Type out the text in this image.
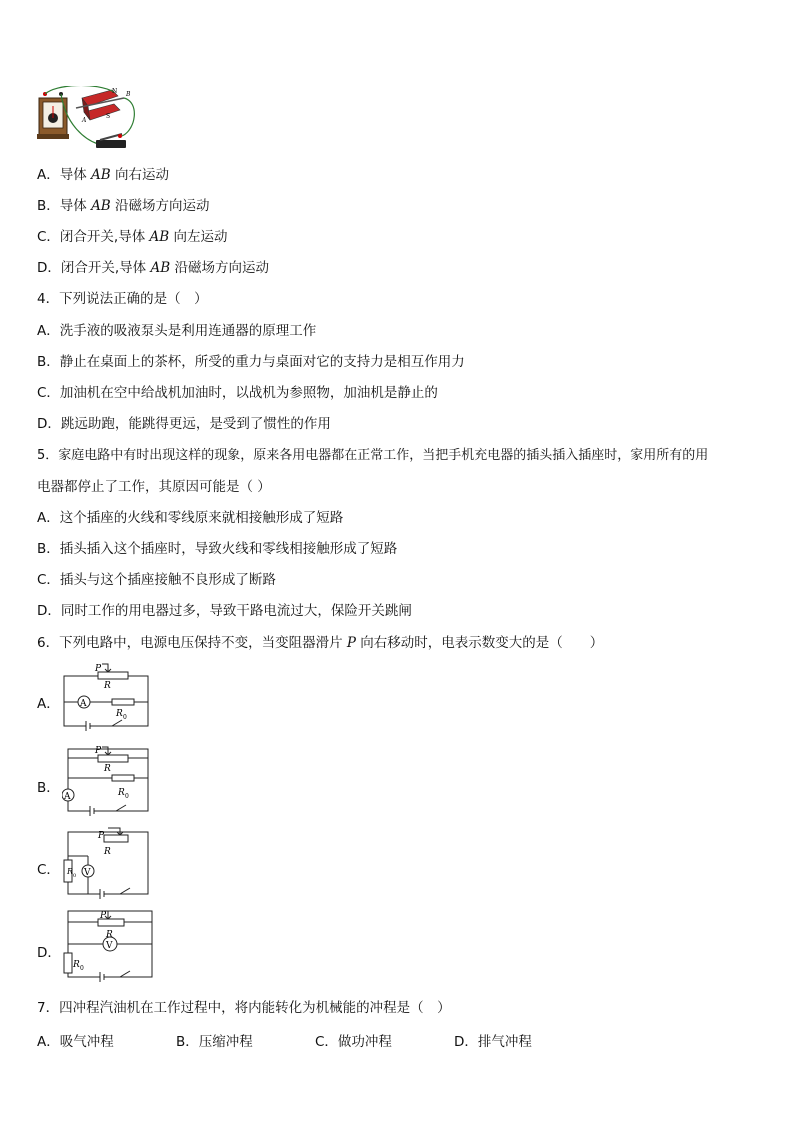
N
S
A
B
A．导体 AB 向右运动
B．导体 AB 沿磁场方向运动
C．闭合开关,导体 AB 向左运动
D．闭合开关,导体 AB 沿磁场方向运动
4．下列说法正确的是（　）
A．洗手液的吸液泵头是利用连通器的原理工作
B．静止在桌面上的茶杯，所受的重力与桌面对它的支持力是相互作用力
C．加油机在空中给战机加油时，以战机为参照物，加油机是静止的
D．跳远助跑，能跳得更远，是受到了惯性的作用
5．家庭电路中有时出现这样的现象，原来各用电器都在正常工作，当把手机充电器的插头插入插座时，家用所有的用
电器都停止了工作，其原因可能是（ ）
A．这个插座的火线和零线原来就相接触形成了短路
B．插头插入这个插座时，导致火线和零线相接触形成了短路
C．插头与这个插座接触不良形成了断路
D．同时工作的用电器过多，导致干路电流过大，保险开关跳闸
6．下列电路中，电源电压保持不变，当变阻器滑片 P 向右移动时，电表示数变大的是（　　）
A． A
P
R
R 0
B．
A
P
R
R 0
C．	V
P
R
R 0
D．	V
P
R
R 0
7．四冲程汽油机在工作过程中，将内能转化为机械能的冲程是（　）
A．吸气冲程	B．压缩冲程	C．做功冲程	D．排气冲程
